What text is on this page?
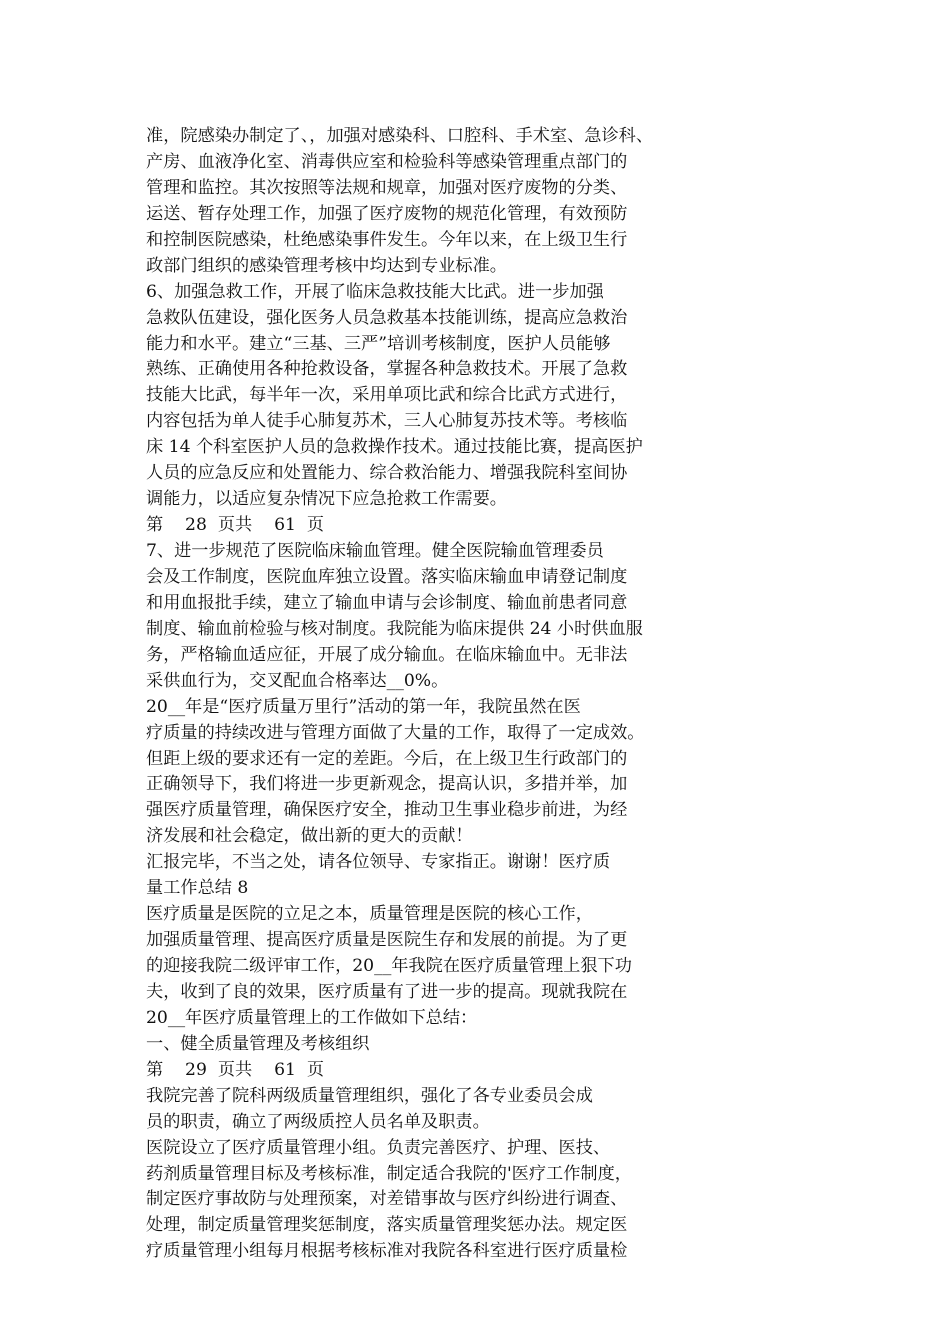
准，院感染办制定了、，加强对感染科、口腔科、手术室、急诊科、
产房、血液净化室、消毒供应室和检验科等感染管理重点部门的
管理和监控。其次按照等法规和规章，加强对医疗废物的分类、
运送、暂存处理工作，加强了医疗废物的规范化管理，有效预防
和控制医院感染，杜绝感染事件发生。今年以来，在上级卫生行
政部门组织的感染管理考核中均达到专业标准。
6、加强急救工作，开展了临床急救技能大比武。进一步加强
急救队伍建设，强化医务人员急救基本技能训练，提高应急救治
能力和水平。建立“三基、三严”培训考核制度，医护人员能够
熟练、正确使用各种抢救设备，掌握各种急救技术。开展了急救
技能大比武，每半年一次，采用单项比武和综合比武方式进行，
内容包括为单人徒手心肺复苏术，三人心肺复苏技术等。考核临
床 14 个科室医护人员的急救操作技术。通过技能比赛，提高医护
人员的应急反应和处置能力、综合救治能力、增强我院科室间协
调能力，以适应复杂情况下应急抢救工作需要。
第    28  页共    61  页
7、进一步规范了医院临床输血管理。健全医院输血管理委员
会及工作制度，医院血库独立设置。落实临床输血申请登记制度
和用血报批手续，建立了输血申请与会诊制度、输血前患者同意
制度、输血前检验与核对制度。我院能为临床提供 24 小时供血服
务，严格输血适应征，开展了成分输血。在临床输血中。无非法
采供血行为，交叉配血合格率达__0%。
20__年是“医疗质量万里行”活动的第一年，我院虽然在医
疗质量的持续改进与管理方面做了大量的工作，取得了一定成效。
但距上级的要求还有一定的差距。今后，在上级卫生行政部门的
正确领导下，我们将进一步更新观念，提高认识，多措并举，加
强医疗质量管理，确保医疗安全，推动卫生事业稳步前进，为经
济发展和社会稳定，做出新的更大的贡献！
汇报完毕，不当之处，请各位领导、专家指正。谢谢！医疗质
量工作总结 8
医疗质量是医院的立足之本，质量管理是医院的核心工作，
加强质量管理、提高医疗质量是医院生存和发展的前提。为了更
的迎接我院二级评审工作，20__年我院在医疗质量管理上狠下功
夫，收到了良的效果，医疗质量有了进一步的提高。现就我院在
20__年医疗质量管理上的工作做如下总结：
一、健全质量管理及考核组织
第    29  页共    61  页
我院完善了院科两级质量管理组织，强化了各专业委员会成
员的职责，确立了两级质控人员名单及职责。
医院设立了医疗质量管理小组。负责完善医疗、护理、医技、
药剂质量管理目标及考核标准，制定适合我院的'医疗工作制度，
制定医疗事故防与处理预案，对差错事故与医疗纠纷进行调查、
处理，制定质量管理奖惩制度，落实质量管理奖惩办法。规定医
疗质量管理小组每月根据考核标准对我院各科室进行医疗质量检
